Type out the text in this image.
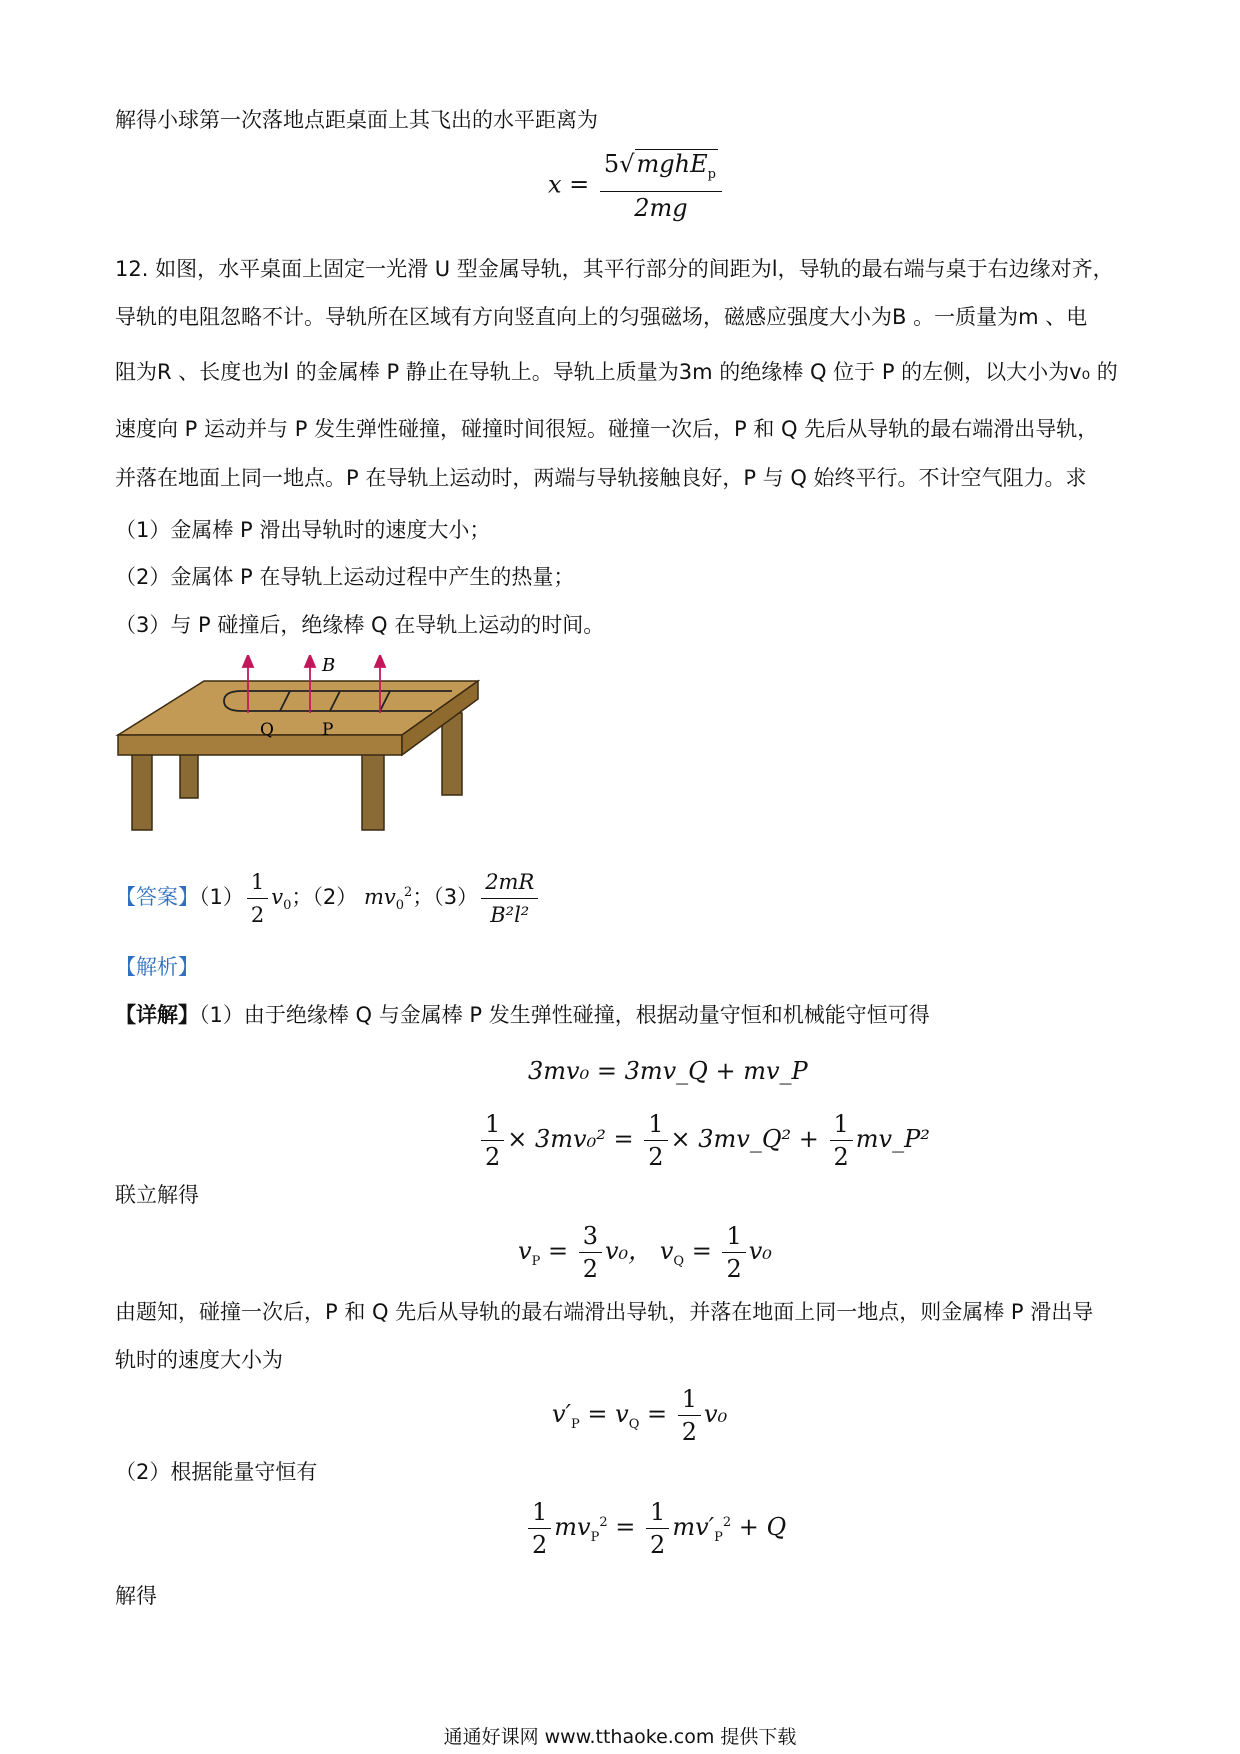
解得小球第一次落地点距桌面上其飞出的水平距离为
$x = \frac{5√mghE_p}{2mg}$
12. 如图，水平桌面上固定一光滑 U 型金属导轨，其平行部分的间距为l，导轨的最右端与桌于右边缘对齐，
导轨的电阻忽略不计。导轨所在区域有方向竖直向上的匀强磁场，磁感应强度大小为B 。一质量为m 、电
阻为R 、长度也为l 的金属棒 P 静止在导轨上。导轨上质量为3m 的绝缘棒 Q 位于 P 的左侧，以大小为v₀ 的
速度向 P 运动并与 P 发生弹性碰撞，碰撞时间很短。碰撞一次后，P 和 Q 先后从导轨的最右端滑出导轨，
并落在地面上同一地点。P 在导轨上运动时，两端与导轨接触良好，P 与 Q 始终平行。不计空气阻力。求
（1）金属棒 P 滑出导轨时的速度大小；
（2）金属体 P 在导轨上运动过程中产生的热量；
（3）与 P 碰撞后，绝缘棒 Q 在导轨上运动的时间。
B
Q	P
【答案】$(1) \frac{1}{2} v_0$；（2） $mv_0^2$；$(3) \frac{2mR}{\text{B²l²}}$
【解析】
【详解】（1）由于绝缘棒 Q 与金属棒 P 发生弹性碰撞，根据动量守恒和机械能守恒可得
3mv₀ = 3mv_Q + mv_P
$\frac{1}{2} \times 3mv_0^2 = \frac{1}{2}$ × 3mv_Q² + $\frac{1}{2}$ mv_P²
联立解得
$v_P = \frac{3}{2} v_0$， $v_Q = \frac{1}{2} v_0$
由题知，碰撞一次后，P 和 Q 先后从导轨的最右端滑出导轨，并落在地面上同一地点，则金属棒 P 滑出导
轨时的速度大小为
$v'_P = v_Q = \frac{1}{2} v_0$
（2）根据能量守恒有
$\frac{1}{2} mv_P^2 = \frac{1}{2} mv'_P^2 + Q$
解得
通通好课网 www.tthaoke.com 提供下载
